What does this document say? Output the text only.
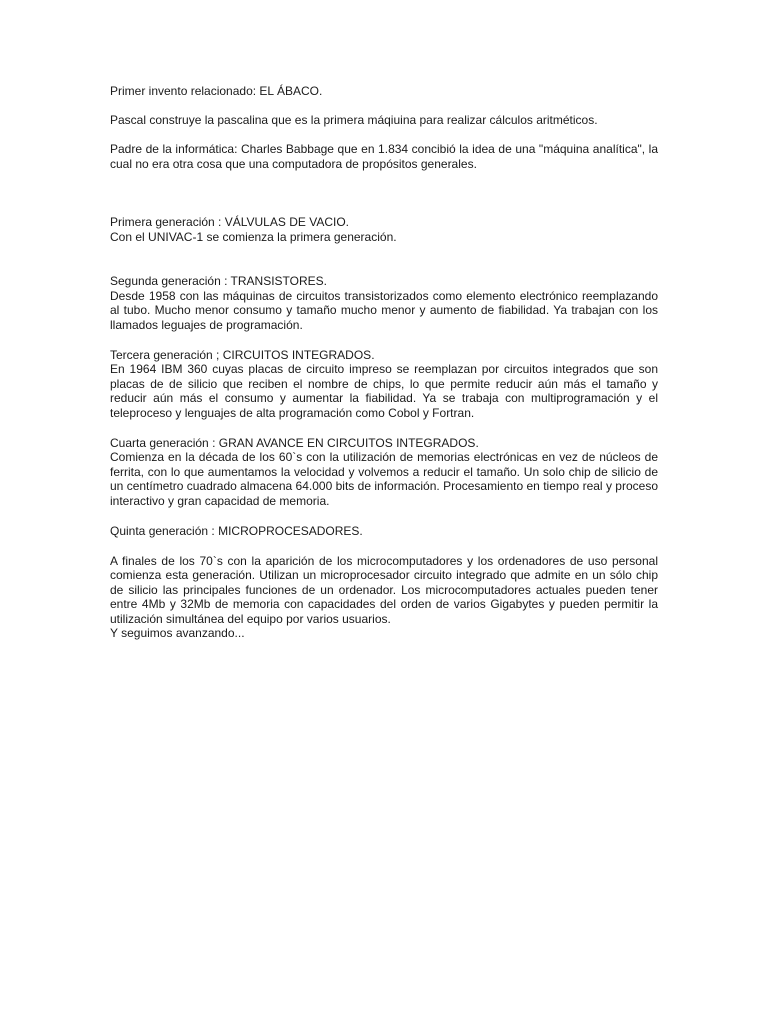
Primer invento relacionado: EL ÁBACO.

Pascal construye la pascalina que es la primera máqiuina para realizar cálculos aritméticos.

Padre de la informática: Charles Babbage que en 1.834 concibió la idea de una "máquina analítica", la cual no era otra cosa que una computadora de propósitos generales.

Primera generación : VÁLVULAS DE VACIO.

Con el UNIVAC-1 se comienza la primera generación.

Segunda generación : TRANSISTORES.

Desde 1958 con las máquinas de circuitos transistorizados como elemento electrónico reemplazando al tubo. Mucho menor consumo y tamaño mucho menor y aumento de fiabilidad. Ya trabajan con los llamados leguajes de programación.

Tercera generación ; CIRCUITOS INTEGRADOS.

En 1964 IBM 360 cuyas placas de circuito impreso se reemplazan por circuitos integrados que son placas de de silicio que reciben el nombre de chips, lo que permite reducir aún más el tamaño y reducir aún más el consumo y aumentar la fiabilidad. Ya se trabaja con multiprogramación y el teleproceso y lenguajes de alta programación como Cobol y Fortran.

Cuarta generación : GRAN AVANCE EN CIRCUITOS INTEGRADOS.

Comienza en la década de los 60`s con la utilización de memorias electrónicas en vez de núcleos de ferrita, con lo que aumentamos la velocidad y volvemos a reducir el tamaño. Un solo chip de silicio de un centímetro cuadrado almacena 64.000 bits de información. Procesamiento en tiempo real y proceso interactivo y gran capacidad de memoria.

Quinta generación : MICROPROCESADORES.

A finales de los 70`s con la aparición de los microcomputadores y los ordenadores de uso personal comienza esta generación. Utilizan un microprocesador circuito integrado que admite en un sólo chip de silicio las principales funciones de un ordenador. Los microcomputadores actuales pueden tener entre 4Mb y 32Mb de memoria con capacidades del orden de varios Gigabytes y pueden permitir la utilización simultánea del equipo por varios usuarios.

Y seguimos avanzando...
